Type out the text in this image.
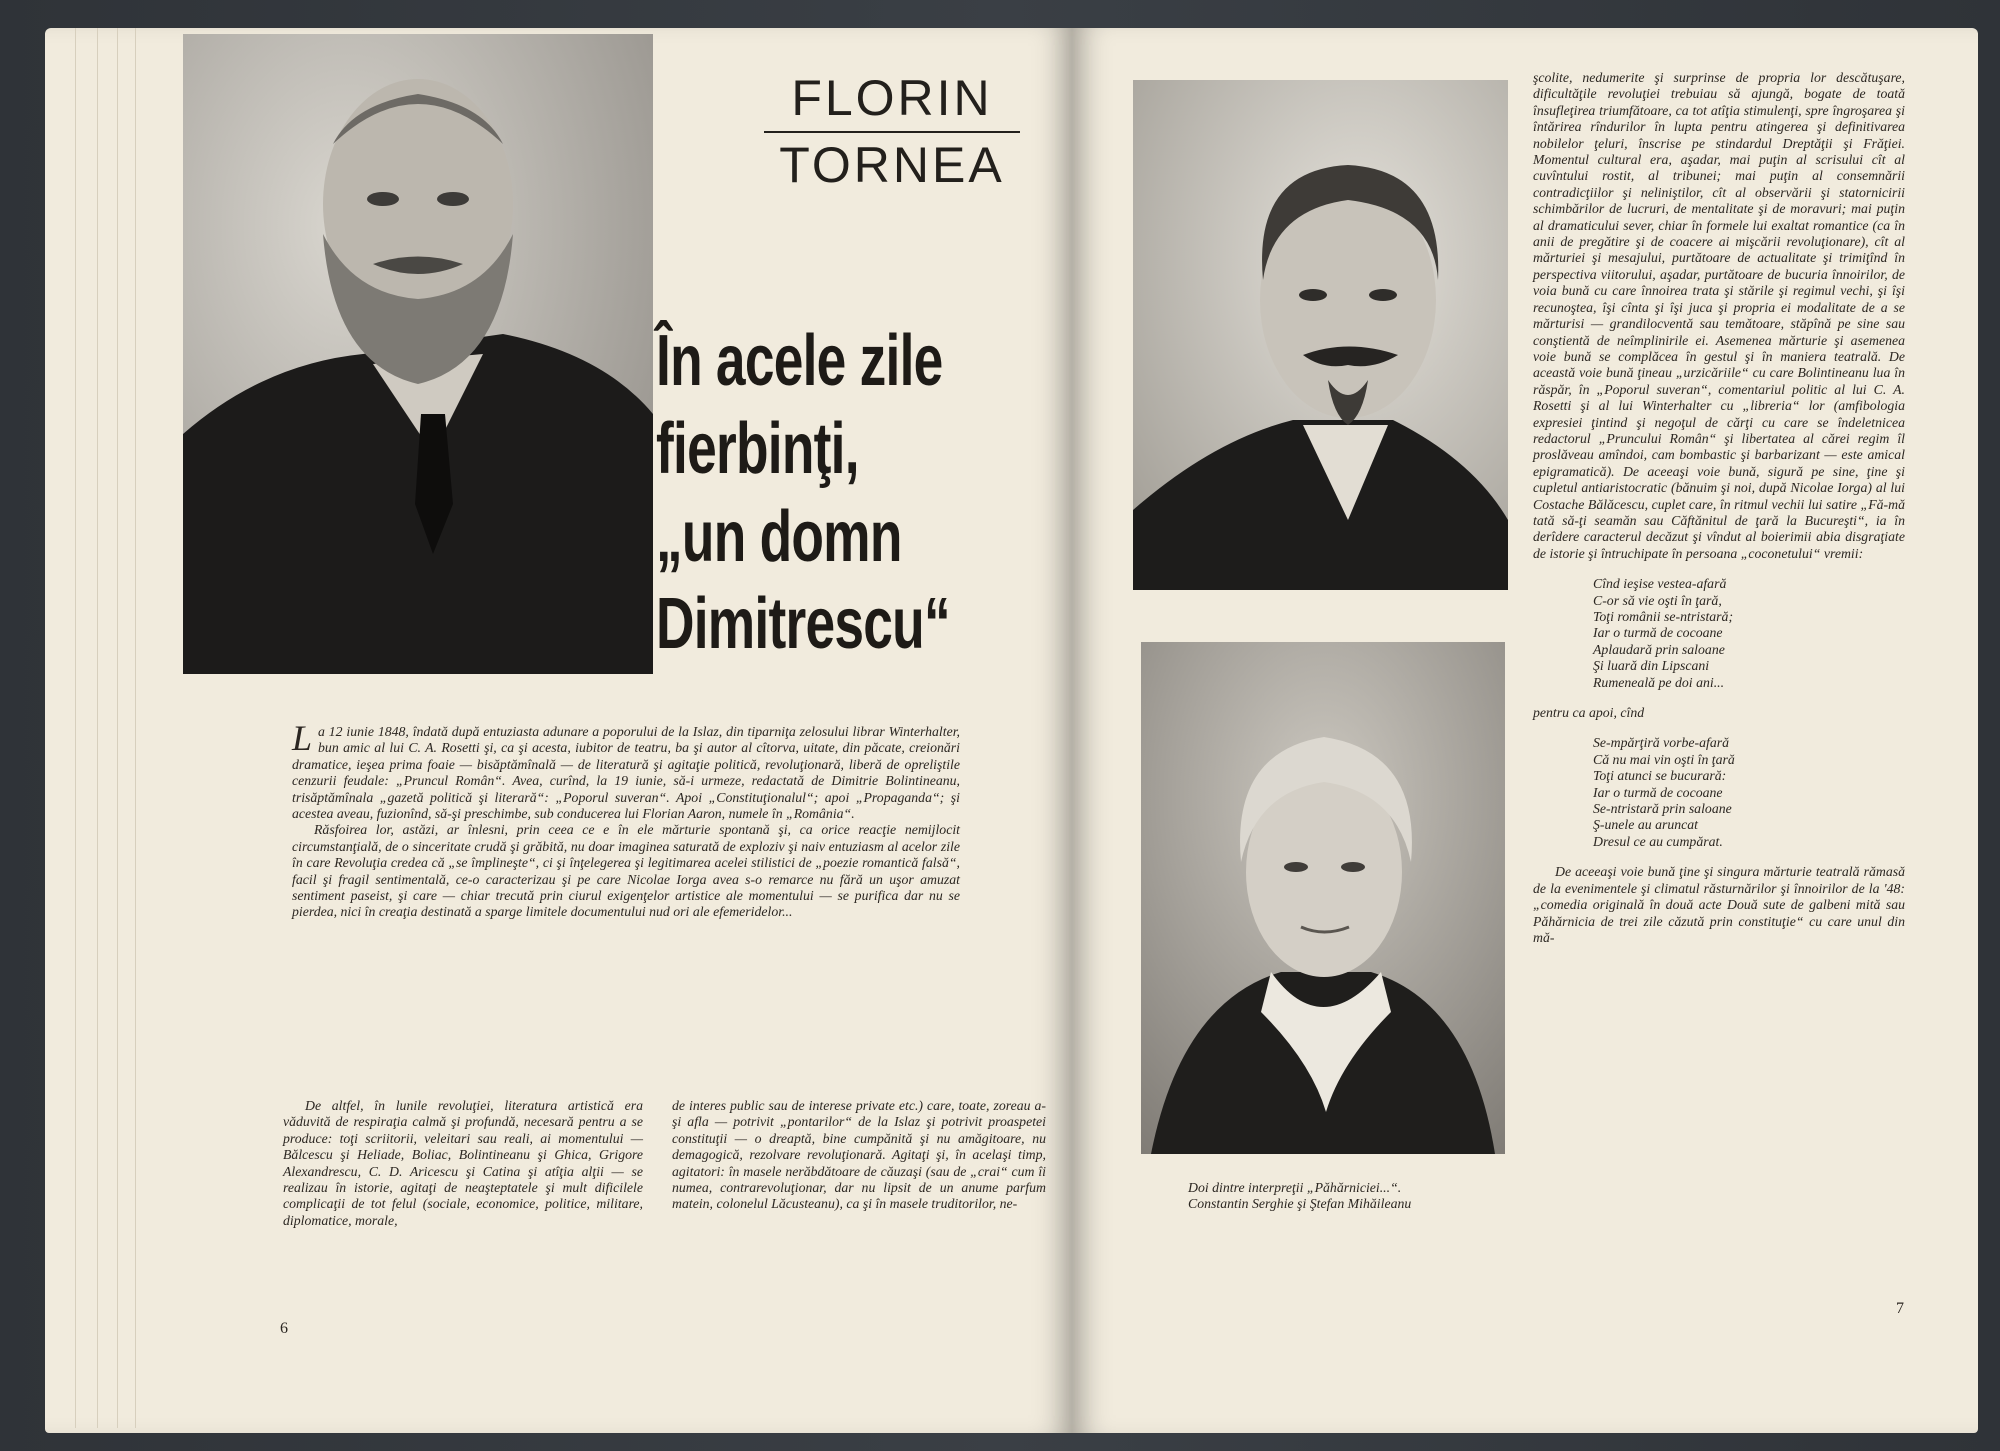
FLORIN
TORNEA
În acele zile
fierbinţi,
„un domn
Dimitrescu“

La 12 iunie 1848, îndată după entuziasta adunare a poporului de la Islaz, din tiparniţa zelosului librar Winterhalter, bun amic al lui C. A. Rosetti şi, ca şi acesta, iubitor de teatru, ba şi autor al cîtorva, uitate, din păcate, creionări dramatice, ieşea prima foaie — bisăptămînală — de literatură şi agitaţie politică, revoluţionară, liberă de opreliştile cenzurii feudale: „Pruncul Român“. Avea, curînd, la 19 iunie, să-i urmeze, redactată de Dimitrie Bolintineanu, trisăptămînala „gazetă politică şi literară“: „Poporul suveran“. Apoi „Constituţionalul“; apoi „Propaganda“; şi acestea aveau, fuzionînd, să-şi preschimbe, sub conducerea lui Florian Aaron, numele în „România“.

Răsfoirea lor, astăzi, ar înlesni, prin ceea ce e în ele mărturie spontană şi, ca orice reacţie nemijlocit circumstanţială, de o sinceritate crudă şi grăbită, nu doar imaginea saturată de exploziv şi naiv entuziasm al acelor zile în care Revoluţia credea că „se împlineşte“, ci şi înţelegerea şi legitimarea acelei stilistici de „poezie romantică falsă“, facil şi fragil sentimentală, ce-o caracterizau şi pe care Nicolae Iorga avea s-o remarce nu fără un uşor amuzat sentiment paseist, şi care — chiar trecută prin ciurul exigenţelor artistice ale momentului — se purifica dar nu se pierdea, nici în creaţia destinată a sparge limitele documentului nud ori ale efemeridelor...

De altfel, în lunile revoluţiei, literatura artistică era văduvită de respiraţia calmă şi profundă, necesară pentru a se produce: toţi scriitorii, veleitari sau reali, ai momentului — Bălcescu şi Heliade, Boliac, Bolintineanu şi Ghica, Grigore Alexandrescu, C. D. Aricescu şi Catina şi atîţia alţii — se realizau în istorie, agitaţi de neaşteptatele şi mult dificilele complicaţii de tot felul (sociale, economice, politice, militare, diplomatice, morale,
de interes public sau de interese private etc.) care, toate, zoreau a-şi afla — potrivit „pontarilor“ de la Islaz şi potrivit proaspetei constituţii — o dreaptă, bine cumpănită şi nu amăgitoare, nu demagogică, rezolvare revoluţionară. Agitaţi şi, în acelaşi timp, agitatori: în masele nerăbdătoare de căuzaşi (sau de „crai“ cum îi numea, contrarevoluţionar, dar nu lipsit de un anume parfum matein, colonelul Lăcusteanu), ca şi în masele truditorilor, ne-
Doi dintre interpreţii „Păhărniciei...“.
Constantin Serghie şi Ştefan Mihăileanu

şcolite, nedumerite şi surprinse de propria lor descătuşare, dificultăţile revoluţiei trebuiau să ajungă, bogate de toată însufleţirea triumfătoare, ca tot atîţia stimulenţi, spre îngroşarea şi întărirea rîndurilor în lupta pentru atingerea şi definitivarea nobilelor ţeluri, înscrise pe stindardul Dreptăţii şi Frăţiei. Momentul cultural era, aşadar, mai puţin al scrisului cît al cuvîntului rostit, al tribunei; mai puţin al consemnării contradicţiilor şi neliniştilor, cît al observării şi statornicirii schimbărilor de lucruri, de mentalitate şi de moravuri; mai puţin al dramaticului sever, chiar în formele lui exaltat romantice (ca în anii de pregătire şi de coacere ai mişcării revoluţionare), cît al mărturiei şi mesajului, purtătoare de actualitate şi trimiţînd în perspectiva viitorului, aşadar, purtătoare de bucuria înnoirilor, de voia bună cu care înnoirea trata şi stările şi regimul vechi, şi îşi recunoştea, îşi cînta şi îşi juca şi propria ei modalitate de a se mărturisi — grandilocventă sau temătoare, stăpînă pe sine sau conştientă de neîmplinirile ei. Asemenea mărturie şi asemenea voie bună se complăcea în gestul şi în maniera teatrală. De această voie bună ţineau „urzicăriile“ cu care Bolintineanu lua în răspăr, în „Poporul suveran“, comentariul politic al lui C. A. Rosetti şi al lui Winterhalter cu „libreria“ lor (amfibologia expresiei ţintind şi negoţul de cărţi cu care se îndeletnicea redactorul „Pruncului Român“ şi libertatea al cărei regim îl proslăveau amîndoi, cam bombastic şi barbarizant — este amical epigramatică). De aceeaşi voie bună, sigură pe sine, ţine şi cupletul antiaristocratic (bănuim şi noi, după Nicolae Iorga) al lui Costache Bălăcescu, cuplet care, în ritmul vechii lui satire „Fă-mă tată să-ţi seamăn sau Căftănitul de ţară la Bucureşti“, ia în derîdere caracterul decăzut şi vîndut al boierimii abia disgraţiate de istorie şi întruchipate în persoana „coconetului“ vremii:

Cînd ieşise vestea-afară
C-or să vie oşti în ţară,
Toţi românii se-ntristară;
Iar o turmă de cocoane
Aplaudară prin saloane
Şi luară din Lipscani
Rumeneală pe doi ani...

pentru ca apoi, cînd

Se-mpărţiră vorbe-afară
Că nu mai vin oşti în ţară
Toţi atunci se bucurară:
Iar o turmă de cocoane
Se-ntristară prin saloane
Ş-unele au aruncat
Dresul ce au cumpărat.

De aceeaşi voie bună ţine şi singura mărturie teatrală rămasă de la evenimentele şi climatul răsturnărilor şi înnoirilor de la '48: „comedia originală în două acte Două sute de galbeni mită sau Păhărnicia de trei zile căzută prin constituţie“ cu care unul din mă-

6
7
